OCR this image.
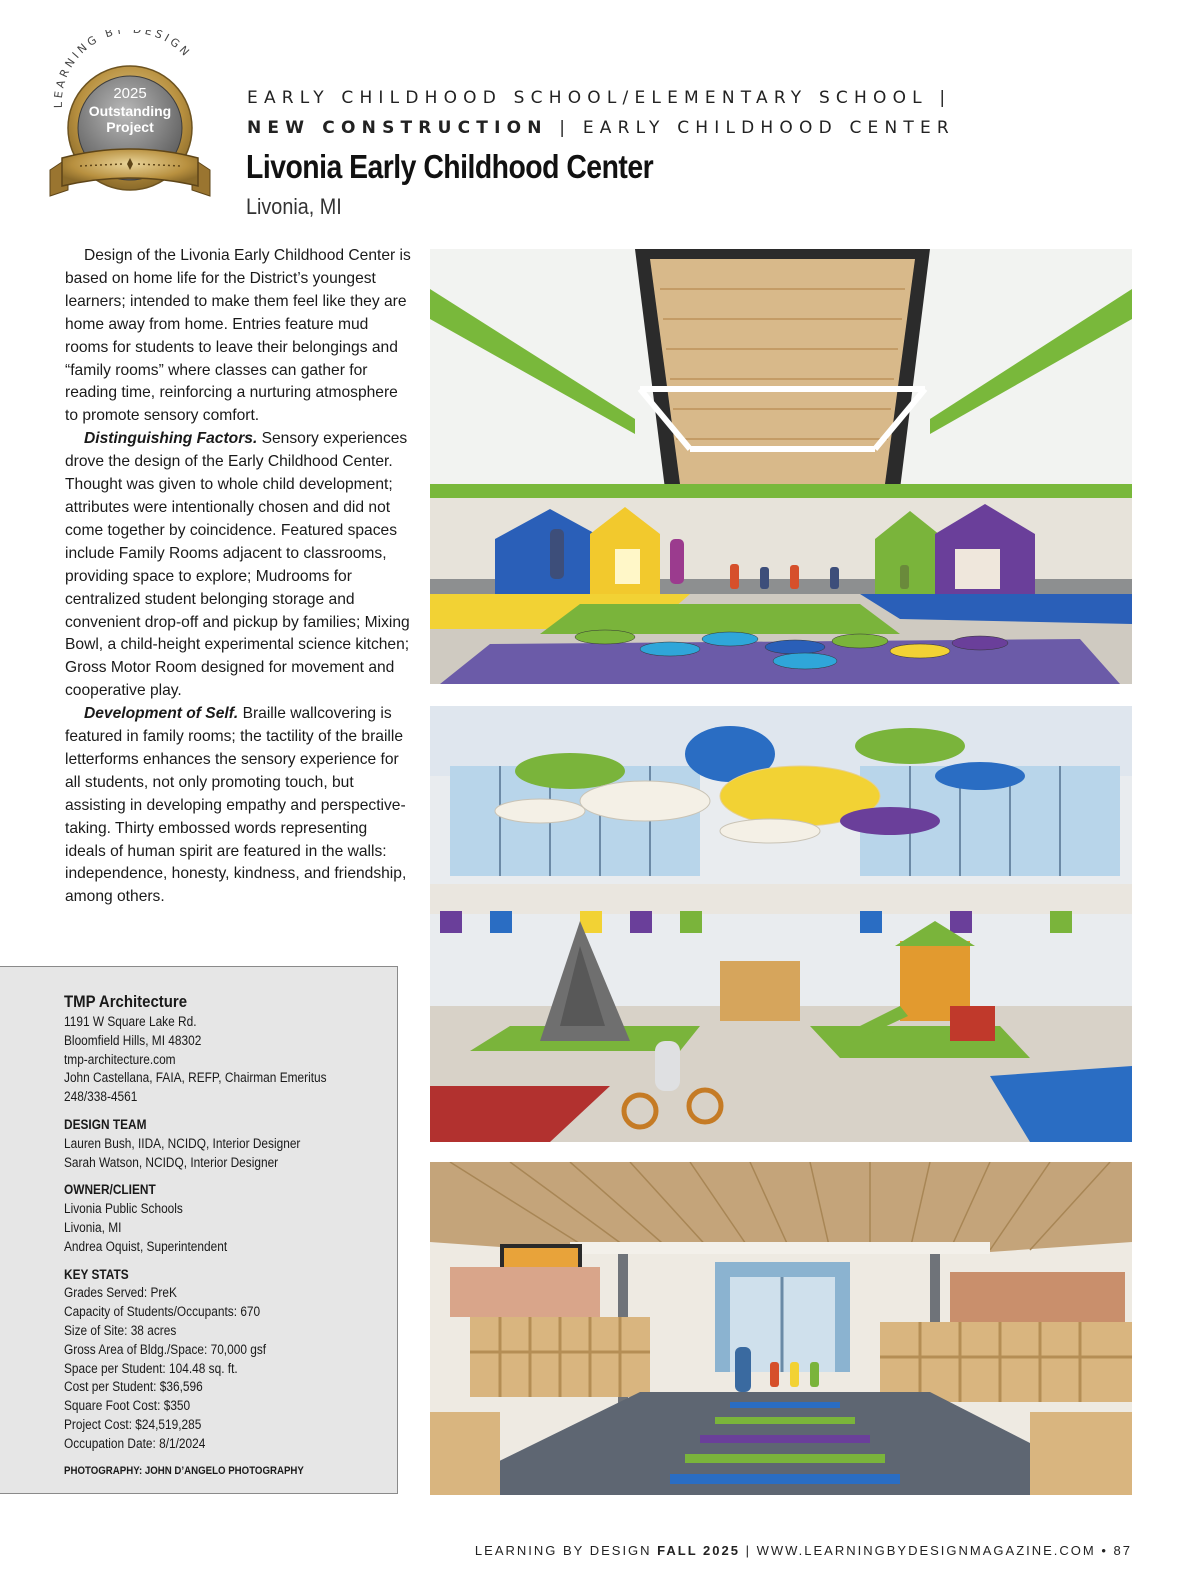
LEARNING BY ESIGN
2025
Outstanding
Project
EARLY CHILDHOOD SCHOOL/ELEMENTARY SCHOOL |
NEW CONSTRUCTION | EARLY CHILDHOOD CENTER
Livonia Early Childhood Center
Livonia, MI

Design of the Livonia Early Childhood Center is based on home life for the District’s youngest learners; intended to make them feel like they are home away from home. Entries feature mud rooms for students to leave their belongings and “family rooms” where classes can gather for reading time, reinforcing a nurturing atmosphere to promote sensory comfort.

Distinguishing Factors. Sensory experiences drove the design of the Early Childhood Center. Thought was given to whole child development; attributes were intentionally chosen and did not come together by coincidence. Featured spaces include Family Rooms adjacent to classrooms, providing space to explore; Mudrooms for centralized student belonging storage and convenient drop-off and pickup by families; Mixing Bowl, a child-height experimental science kitchen; Gross Motor Room designed for movement and cooperative play.

Development of Self. Braille wallcovering is featured in family rooms; the tactility of the braille letterforms enhances the sensory experience for all students, not only promoting touch, but assisting in developing empathy and perspective-taking. Thirty embossed words representing ideals of human spirit are featured in the walls: independence, honesty, kindness, and friendship, among others.

TMP Architecture
1191 W Square Lake Rd.
Bloomfield Hills, MI 48302
tmp-architecture.com
John Castellana, FAIA, REFP, Chairman Emeritus
248/338-4561
DESIGN TEAM
Lauren Bush, IIDA, NCIDQ, Interior Designer
Sarah Watson, NCIDQ, Interior Designer
OWNER/CLIENT
Livonia Public Schools
Livonia, MI
Andrea Oquist, Superintendent
KEY STATS
Grades Served: PreK
Capacity of Students/Occupants: 670
Size of Site: 38 acres
Gross Area of Bldg./Space: 70,000 gsf
Space per Student: 104.48 sq. ft.
Cost per Student: $36,596
Square Foot Cost: $350
Project Cost: $24,519,285
Occupation Date: 8/1/2024
PHOTOGRAPHY: JOHN D’ANGELO PHOTOGRAPHY
LEARNING BY DESIGN FALL 2025 | WWW.LEARNINGBYDESIGNMAGAZINE.COM • 87
